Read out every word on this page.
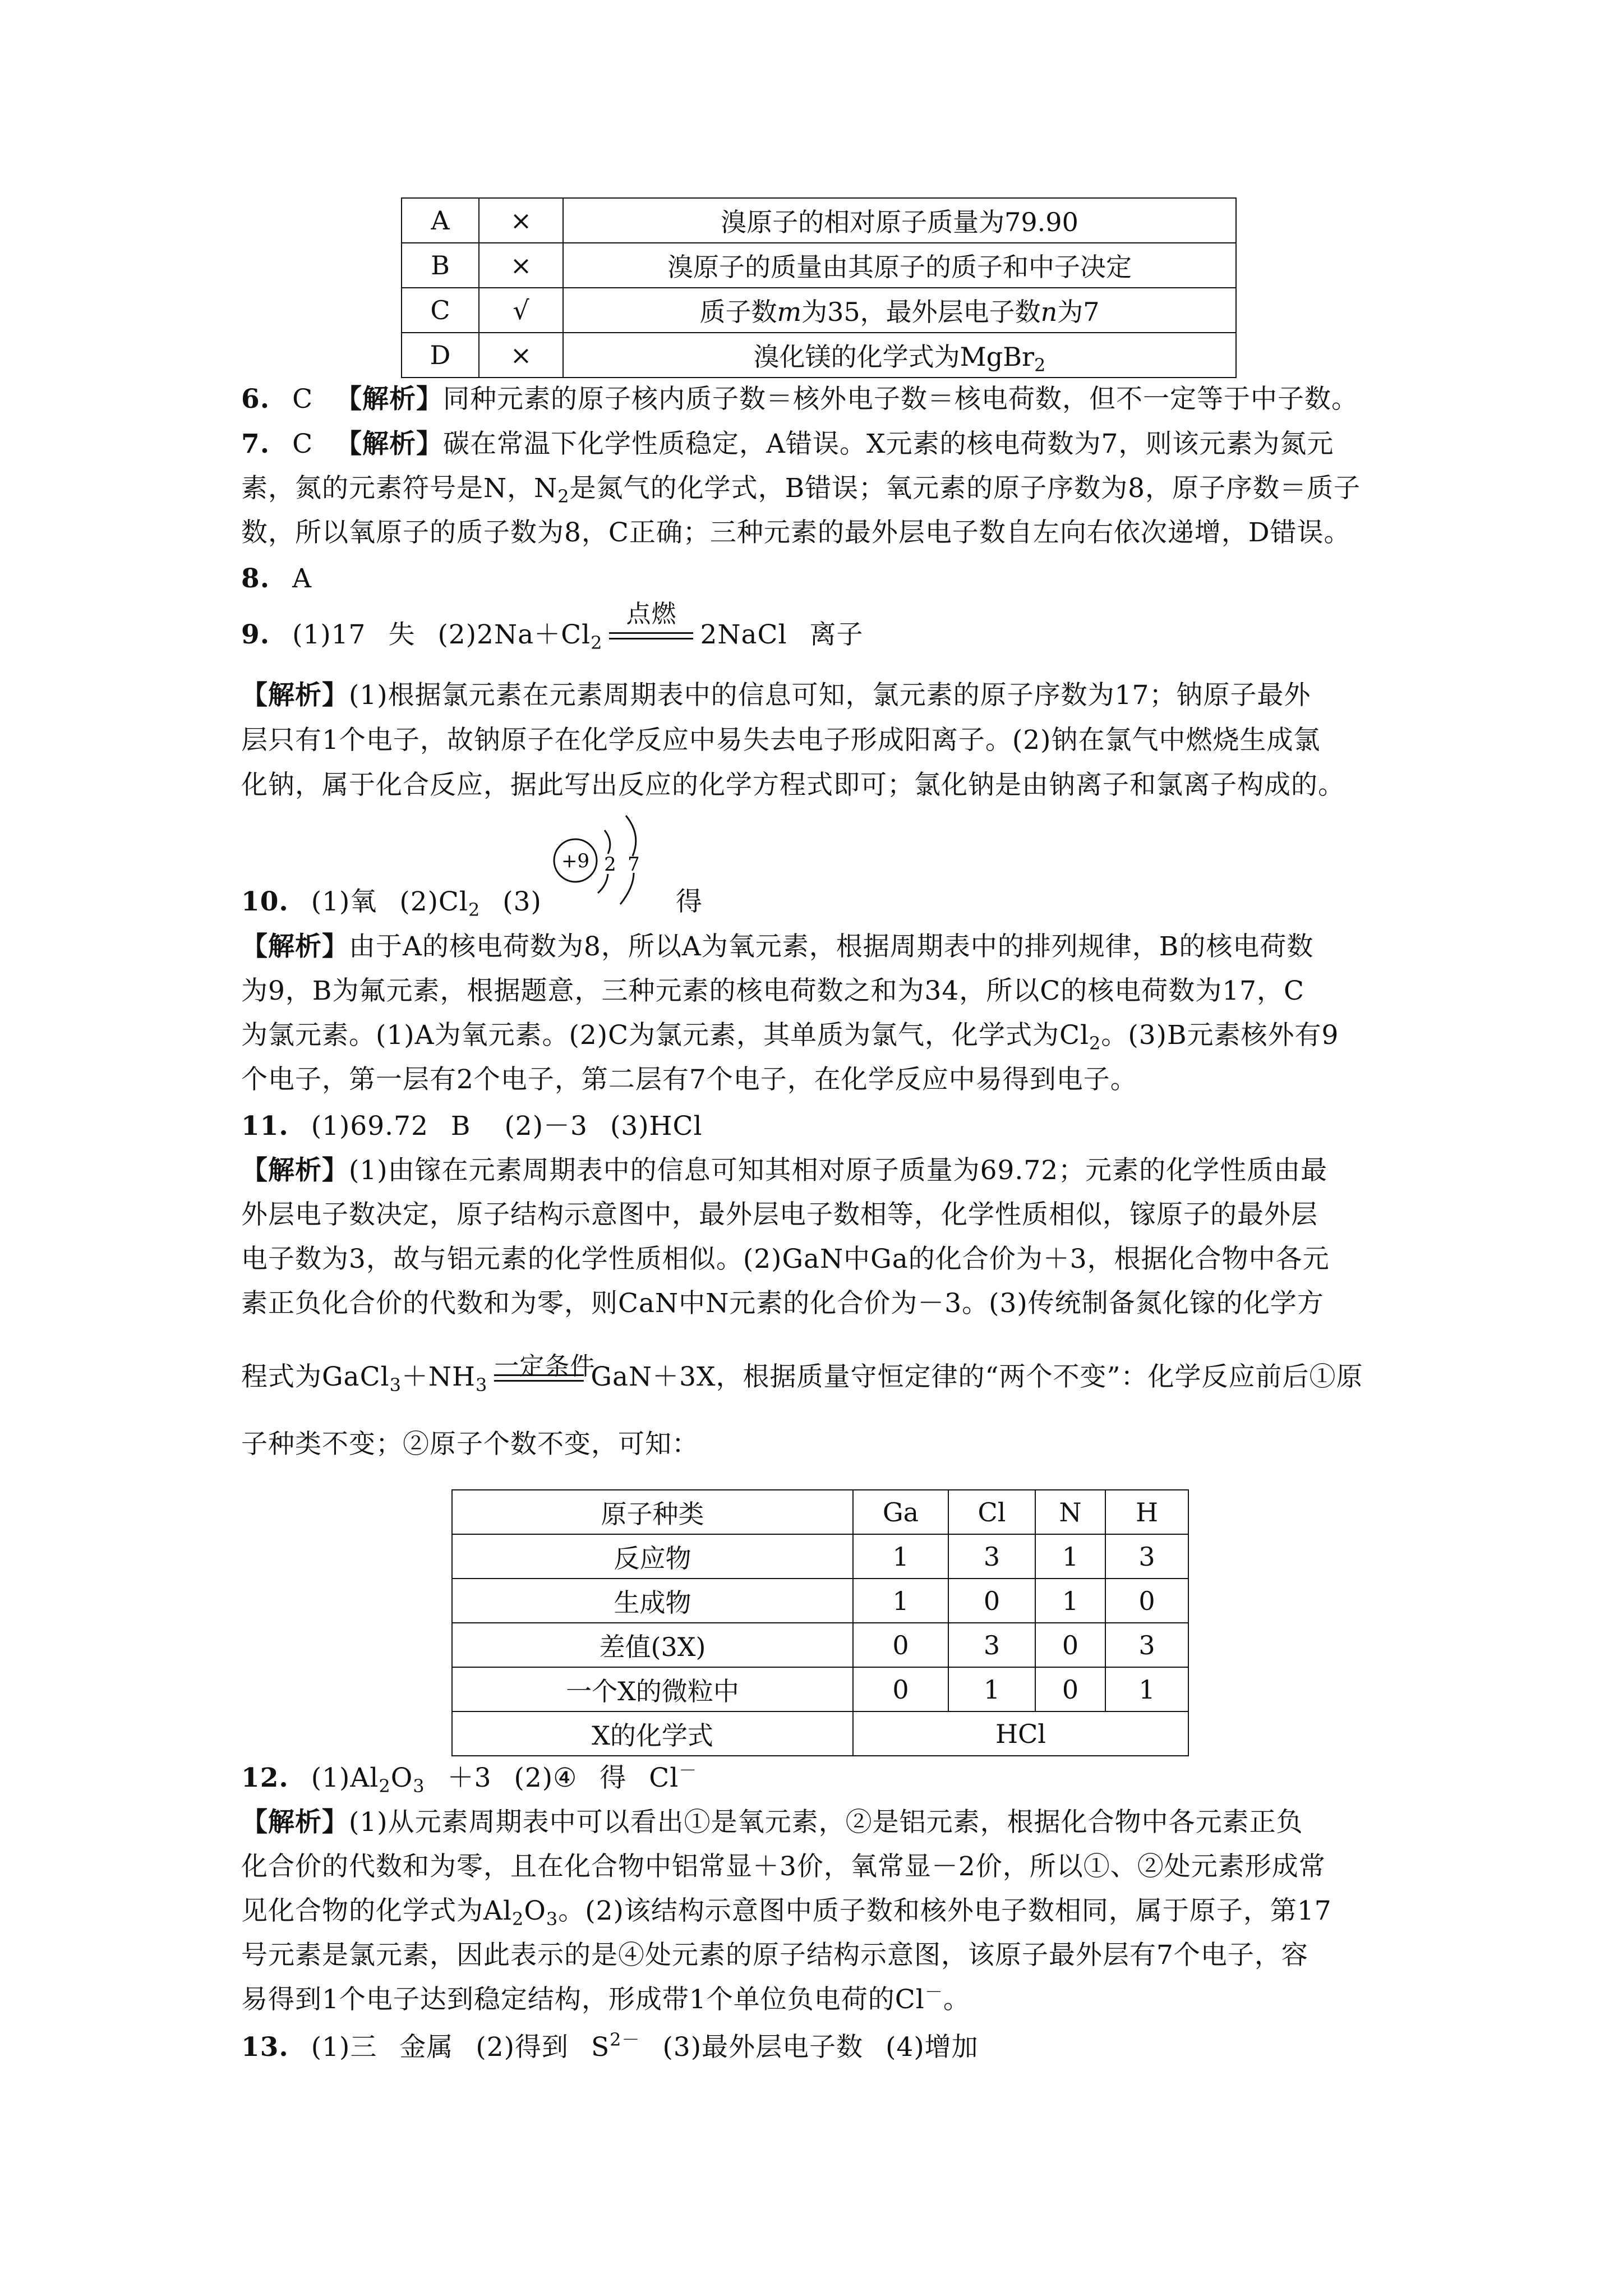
A	×	溴原子的相对原子质量为79.90
B	×	溴原子的质量由其原子的质子和中子决定
C	√	质子数m为35，最外层电子数n为7
D	×	溴化镁的化学式为MgBr$_2$
6. C 【解析】同种元素的原子核内质子数＝核外电子数＝核电荷数，但不一定等于中子数。
7. C 【解析】碳在常温下化学性质稳定，A错误。X元素的核电荷数为7，则该元素为氮元
素，氮的元素符号是N，$N_2$是氮气的化学式，B错误；氧元素的原子序数为8，原子序数＝质子
数，所以氧原子的质子数为8，C正确；三种元素的最外层电子数自左向右依次递增，D错误。
8. A
9. (1)17 失 $(2)2Na+Cl_2$
点燃
2NaCl 离子
【解析】(1)根据氯元素在元素周期表中的信息可知，氯元素的原子序数为17；钠原子最外
层只有1个电子，故钠原子在化学反应中易失去电子形成阳离子。(2)钠在氯气中燃烧生成氯
化钠，属于化合反应，据此写出反应的化学方程式即可；氯化钠是由钠离子和氯离子构成的。
10. (1)氧 $(2)Cl_2$ (3)
+9 2 7
得
【解析】由于A的核电荷数为8，所以A为氧元素，根据周期表中的排列规律，B的核电荷数
为9，B为氟元素，根据题意，三种元素的核电荷数之和为34，所以C的核电荷数为17，C
为氯元素。(1)A为氧元素。(2)C为氯元素，其单质为氯气，化学式为$Cl_2$。(3)B元素核外有9
个电子，第一层有2个电子，第二层有7个电子，在化学反应中易得到电子。
11. (1)69.72 B (2)－3 (3)HCl
【解析】(1)由镓在元素周期表中的信息可知其相对原子质量为69.72；元素的化学性质由最
外层电子数决定，原子结构示意图中，最外层电子数相等，化学性质相似，镓原子的最外层
电子数为3，故与铝元素的化学性质相似。(2)GaN中Ga的化合价为＋3，根据化合物中各元
素正负化合价的代数和为零，则CaN中N元素的化合价为－3。(3)传统制备氮化镓的化学方
程式为$GaCl_3+NH_3$
一定条件
GaN＋3X，根据质量守恒定律的“两个不变”：化学反应前后①原
子种类不变；②原子个数不变，可知：
原子种类	Ga	Cl	N	H
反应物	1	3	1	3
生成物	1	0	1	0
差值(3X)	0	3	0	3
一个X的微粒中	0	1	0	1
X的化学式	HCl			
12. $(1)Al_2O_3 +3$ (2)④ 得 Cl－
【解析】(1)从元素周期表中可以看出①是氧元素，②是铝元素，根据化合物中各元素正负
化合价的代数和为零，且在化合物中铝常显＋3价，氧常显－2价，所以①、②处元素形成常
见化合物的化学式为$Al_2O_3$。(2)该结构示意图中质子数和核外电子数相同，属于原子，第17
号元素是氯元素，因此表示的是④处元素的原子结构示意图，该原子最外层有7个电子，容
易得到1个电子达到稳定结构，形成带1个单位负电荷的Cl－。
13. (1)三 金属 (2)得到 $S^{2-}$ (3)最外层电子数 (4)增加
